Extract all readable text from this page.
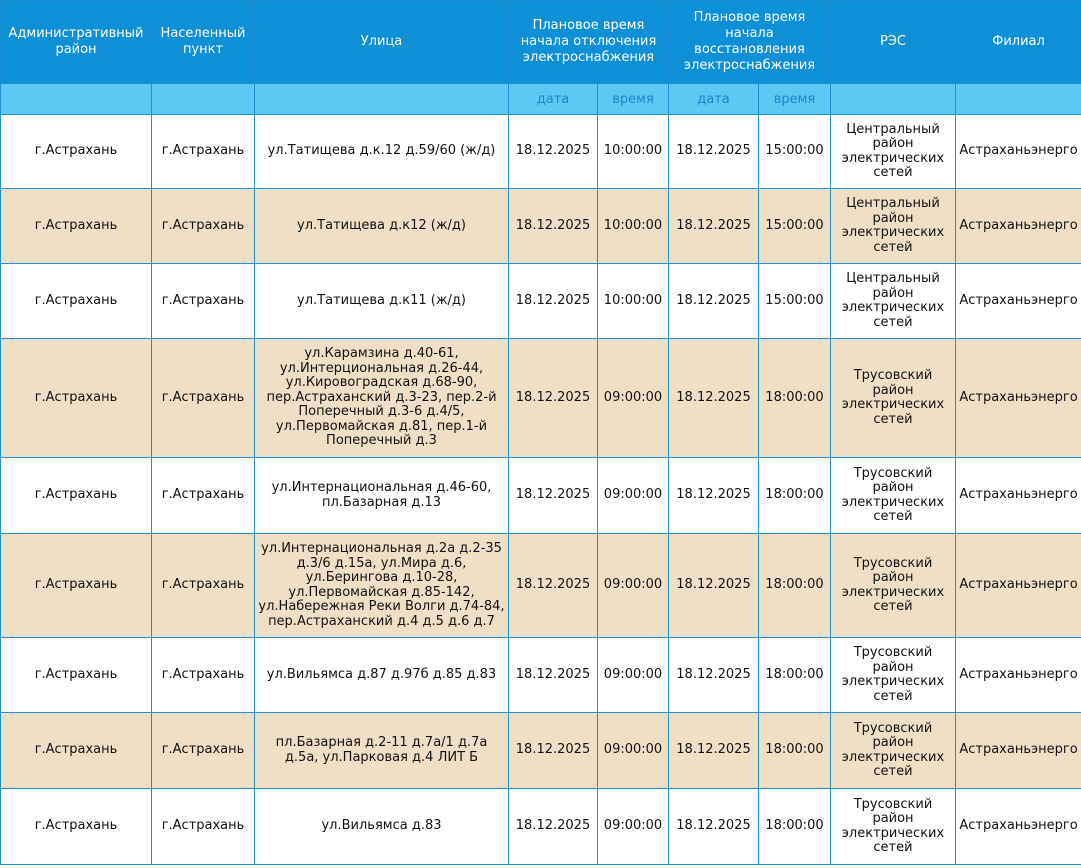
Административный район	Населенный пункт	Улица	Плановое время начала отключения электроснабжения		Плановое время начала восстановления электроснабжения		РЭС	Филиал
			дата	время	дата	время		
г.Астрахань	г.Астрахань	ул.Татищева д.к.12 д.59/60 (ж/д)	18.12.2025	10:00:00	18.12.2025	15:00:00	Центральный район электрических сетей	Астраханьэнерго
г.Астрахань	г.Астрахань	ул.Татищева д.к12 (ж/д)	18.12.2025	10:00:00	18.12.2025	15:00:00	Центральный район электрических сетей	Астраханьэнерго
г.Астрахань	г.Астрахань	ул.Татищева д.к11 (ж/д)	18.12.2025	10:00:00	18.12.2025	15:00:00	Центральный район электрических сетей	Астраханьэнерго
г.Астрахань	г.Астрахань	ул.Карамзина д.40-61, ул.Интерциональная д.26-44, ул.Кировоградская д.68-90, пер.Астраханский д.3-23, пер.2-й Поперечный д.3-6 д.4/5, ул.Первомайская д.81, пер.1-й Поперечный д.3	18.12.2025	09:00:00	18.12.2025	18:00:00	Трусовский район электрических сетей	Астраханьэнерго
г.Астрахань	г.Астрахань	ул.Интернациональная д.46-60, пл.Базарная д.13	18.12.2025	09:00:00	18.12.2025	18:00:00	Трусовский район электрических сетей	Астраханьэнерго
г.Астрахань	г.Астрахань	ул.Интернациональная д.2а д.2-35 д.3/6 д.15а, ул.Мира д.6, ул.Берингова д.10-28, ул.Первомайская д.85-142, ул.Набережная Реки Волги д.74-84, пер.Астраханский д.4 д.5 д.6 д.7	18.12.2025	09:00:00	18.12.2025	18:00:00	Трусовский район электрических сетей	Астраханьэнерго
г.Астрахань	г.Астрахань	ул.Вильямса д.87 д.97б д.85 д.83	18.12.2025	09:00:00	18.12.2025	18:00:00	Трусовский район электрических сетей	Астраханьэнерго
г.Астрахань	г.Астрахань	пл.Базарная д.2-11 д.7а/1 д.7а д.5а, ул.Парковая д.4 ЛИТ Б	18.12.2025	09:00:00	18.12.2025	18:00:00	Трусовский район электрических сетей	Астраханьэнерго
г.Астрахань	г.Астрахань	ул.Вильямса д.83	18.12.2025	09:00:00	18.12.2025	18:00:00	Трусовский район электрических сетей	Астраханьэнерго
